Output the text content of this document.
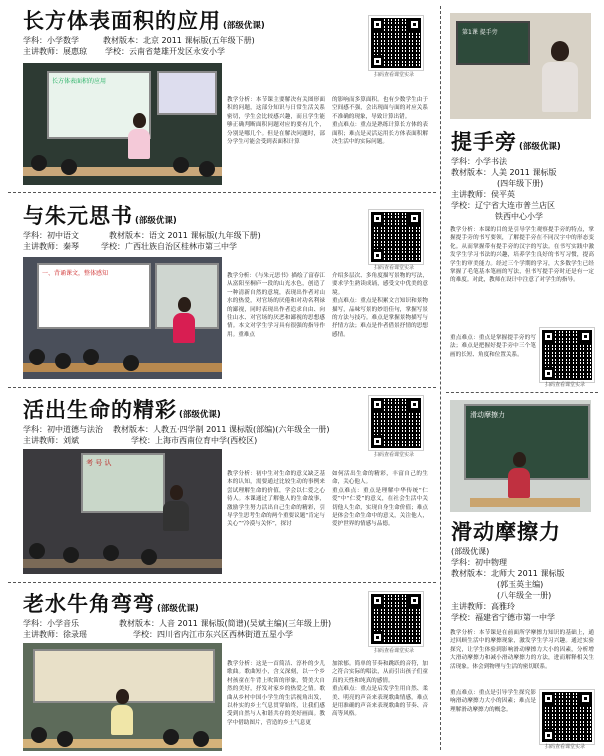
长方体表面积的应用 (部级优课)
学科：小学数学	教材版本：北京 2011 课标版(五年级下册)
主讲教师：展惠琼 学校：云南省楚雄开发区永安小学
扫码查看课堂实录
长方体表面积的应用
教学分析：本节课主要解决有关图形面积的问题，这部分知识与日常生活关系密切，学生会比较感兴趣，而且学生能够正确判断面积问题对应的要有几个，分别是哪几个。但是在解决问题时，部分学生可能会受到表面积计算
的影响而多算面积。也有少数学生由于空间感不强，会出现面与面的对应关系不准确的现象，导致计算出错。
重点难点：重点是熟练计算长方体的表面积；难点是灵活运用长方体表面积解决生活中的实际问题。
与朱元思书 (部级优课)
学科：初中语文	教材版本：语文 2011 课标版(九年级下册)
主讲教师：秦琴	学校：广西壮族自治区桂林市第三中学
扫码查看课堂实录
一、背诵课文，整体感知	教学分析：《与朱元思书》描绘了富春江从富阳至桐庐一段的山光水色，创造了一种清新自然的意境，表现出作者对山水的热爱，对官场的厌倦和对功名利禄的鄙视，同时表现出作者追求自由、向往山水、对官场的厌恶和鄙视的思想感情。本文对学生学习具有很强的指导作用。重难点
介绍多层次、多角度描写景物的写法，要求学生熟读成诵，感受文中优美的意境。
重点难点：重点是积累文言知识和景物描写，品味写景的妙语佳句，掌握写景的方法与技巧。难点是掌握景物描写与抒情方法；难点是作者借景抒情的思想感情。
活出生命的精彩 (部级优课)
学科：初中道德与法治 教材版本：人教五·四学制 2011 课标版(部编)(六年级全一册)
主讲教师：刘斌	学校：上海市西南位育中学(西校区)
扫码查看课堂实录
考 号 认
教学分析：初中生对生命的意义缺乏基本的认知，需要通过比较生动的事例来尝试理解生命的价值，学会以仁爱之心待人。本课通过了解他人的生命故事，激励学生努力活出自己生命的精彩，引导学生思考生命的两个重要议题“肯定与关心”“冷漠与关怀”，探讨
如何活出生命的精彩，丰富自己的生命，关心他人。
重点难点：重点是理解中华传统“仁爱”中“仁爱”的意义，在社会生活中关切他人生命，实现自身生命价值；难点是体会生命生命中的意义，关注他人，爱护世界的情感与品德。
老水牛角弯弯 (部级优课)
学科：小学音乐	教材版本：人音 2011 课标版(简谱)(吴斌主编)(三年级上册)
主讲教师：徐录瑶	学校：四川省内江市东兴区西林街道五星小学
扫码查看课堂实录
教学分析：这是一首简洁、淳朴的少儿歌曲。歌曲短小，含义深刻，以一个乡村孩童在牛背上吹笛的形象，赞美大自然的美好，抒发对家乡的热爱之情。歌曲从乡村中国小学生的生活视角出发，以朴实的乡土气息贯穿始终，让我们感受到自然与人和谐共存的美好画面。教学中借助图片，营造的乡土气息更
加浓郁。简单的节奏和跳跃的音符，加之符合实际的唱法，从而引出孩子们童真的天性和纯真的感情。
重点难点：重点是启发学生用自然、柔美、明亮的声音来表现歌曲情感，难点是用准确的声音来表现歌曲的节奏、音高等风格。
第1课 提手旁
提手旁 (部级优课)
学科：小学书法
教材版本：人美 2011 课标版
(四年级下册)
主讲教师：侯平英
学校：辽宁省大连市普兰店区
铁西中心小学
教学分析：本课的目的是引导学生观察提手旁的特点，掌握提手旁的书写要领，了解提手旁在不同汉字中的形态变化。从而掌握带有提手旁的汉字的写法。在书写实践中激发学生学习书法的兴趣，培养学生良好的书写习惯，提高学生的审美能力。经过三个学期的学习，大多数学生已经掌握了毛笔基本笔画的写法，但书写提手旁时还是有一定的难度。对此，教师在设计中注意了对学生的指导。
重点难点：重点是掌握提手旁的写法；难点是把握好提手旁中三个笔画的长短、角度和位置关系。
扫码查看课堂实录
滑动摩擦力
滑动摩擦力
(部级优课)
学科：初中物理
教材版本：北师大 2011 课标版
(郭玉英主编)
(八年级全一册)
主讲教师：高雅玲
学校：福建省宁德市第一中学
教学分析：本节课是在前面所学摩擦力知识的基础上，通过回顾生活中的摩擦现象，激发学生学习兴趣。通过实验探究，让学生体验到影响滑动摩擦力大小的因素，分析增大滑动摩擦力和减小滑动摩擦力的方法，进而解释相关生活现象。体会到物理与生活的密切联系。
重点难点：重点是引导学生探究影响滑动摩擦力大小的因素；难点是理解滑动摩擦力的概念。
扫码查看课堂实录
